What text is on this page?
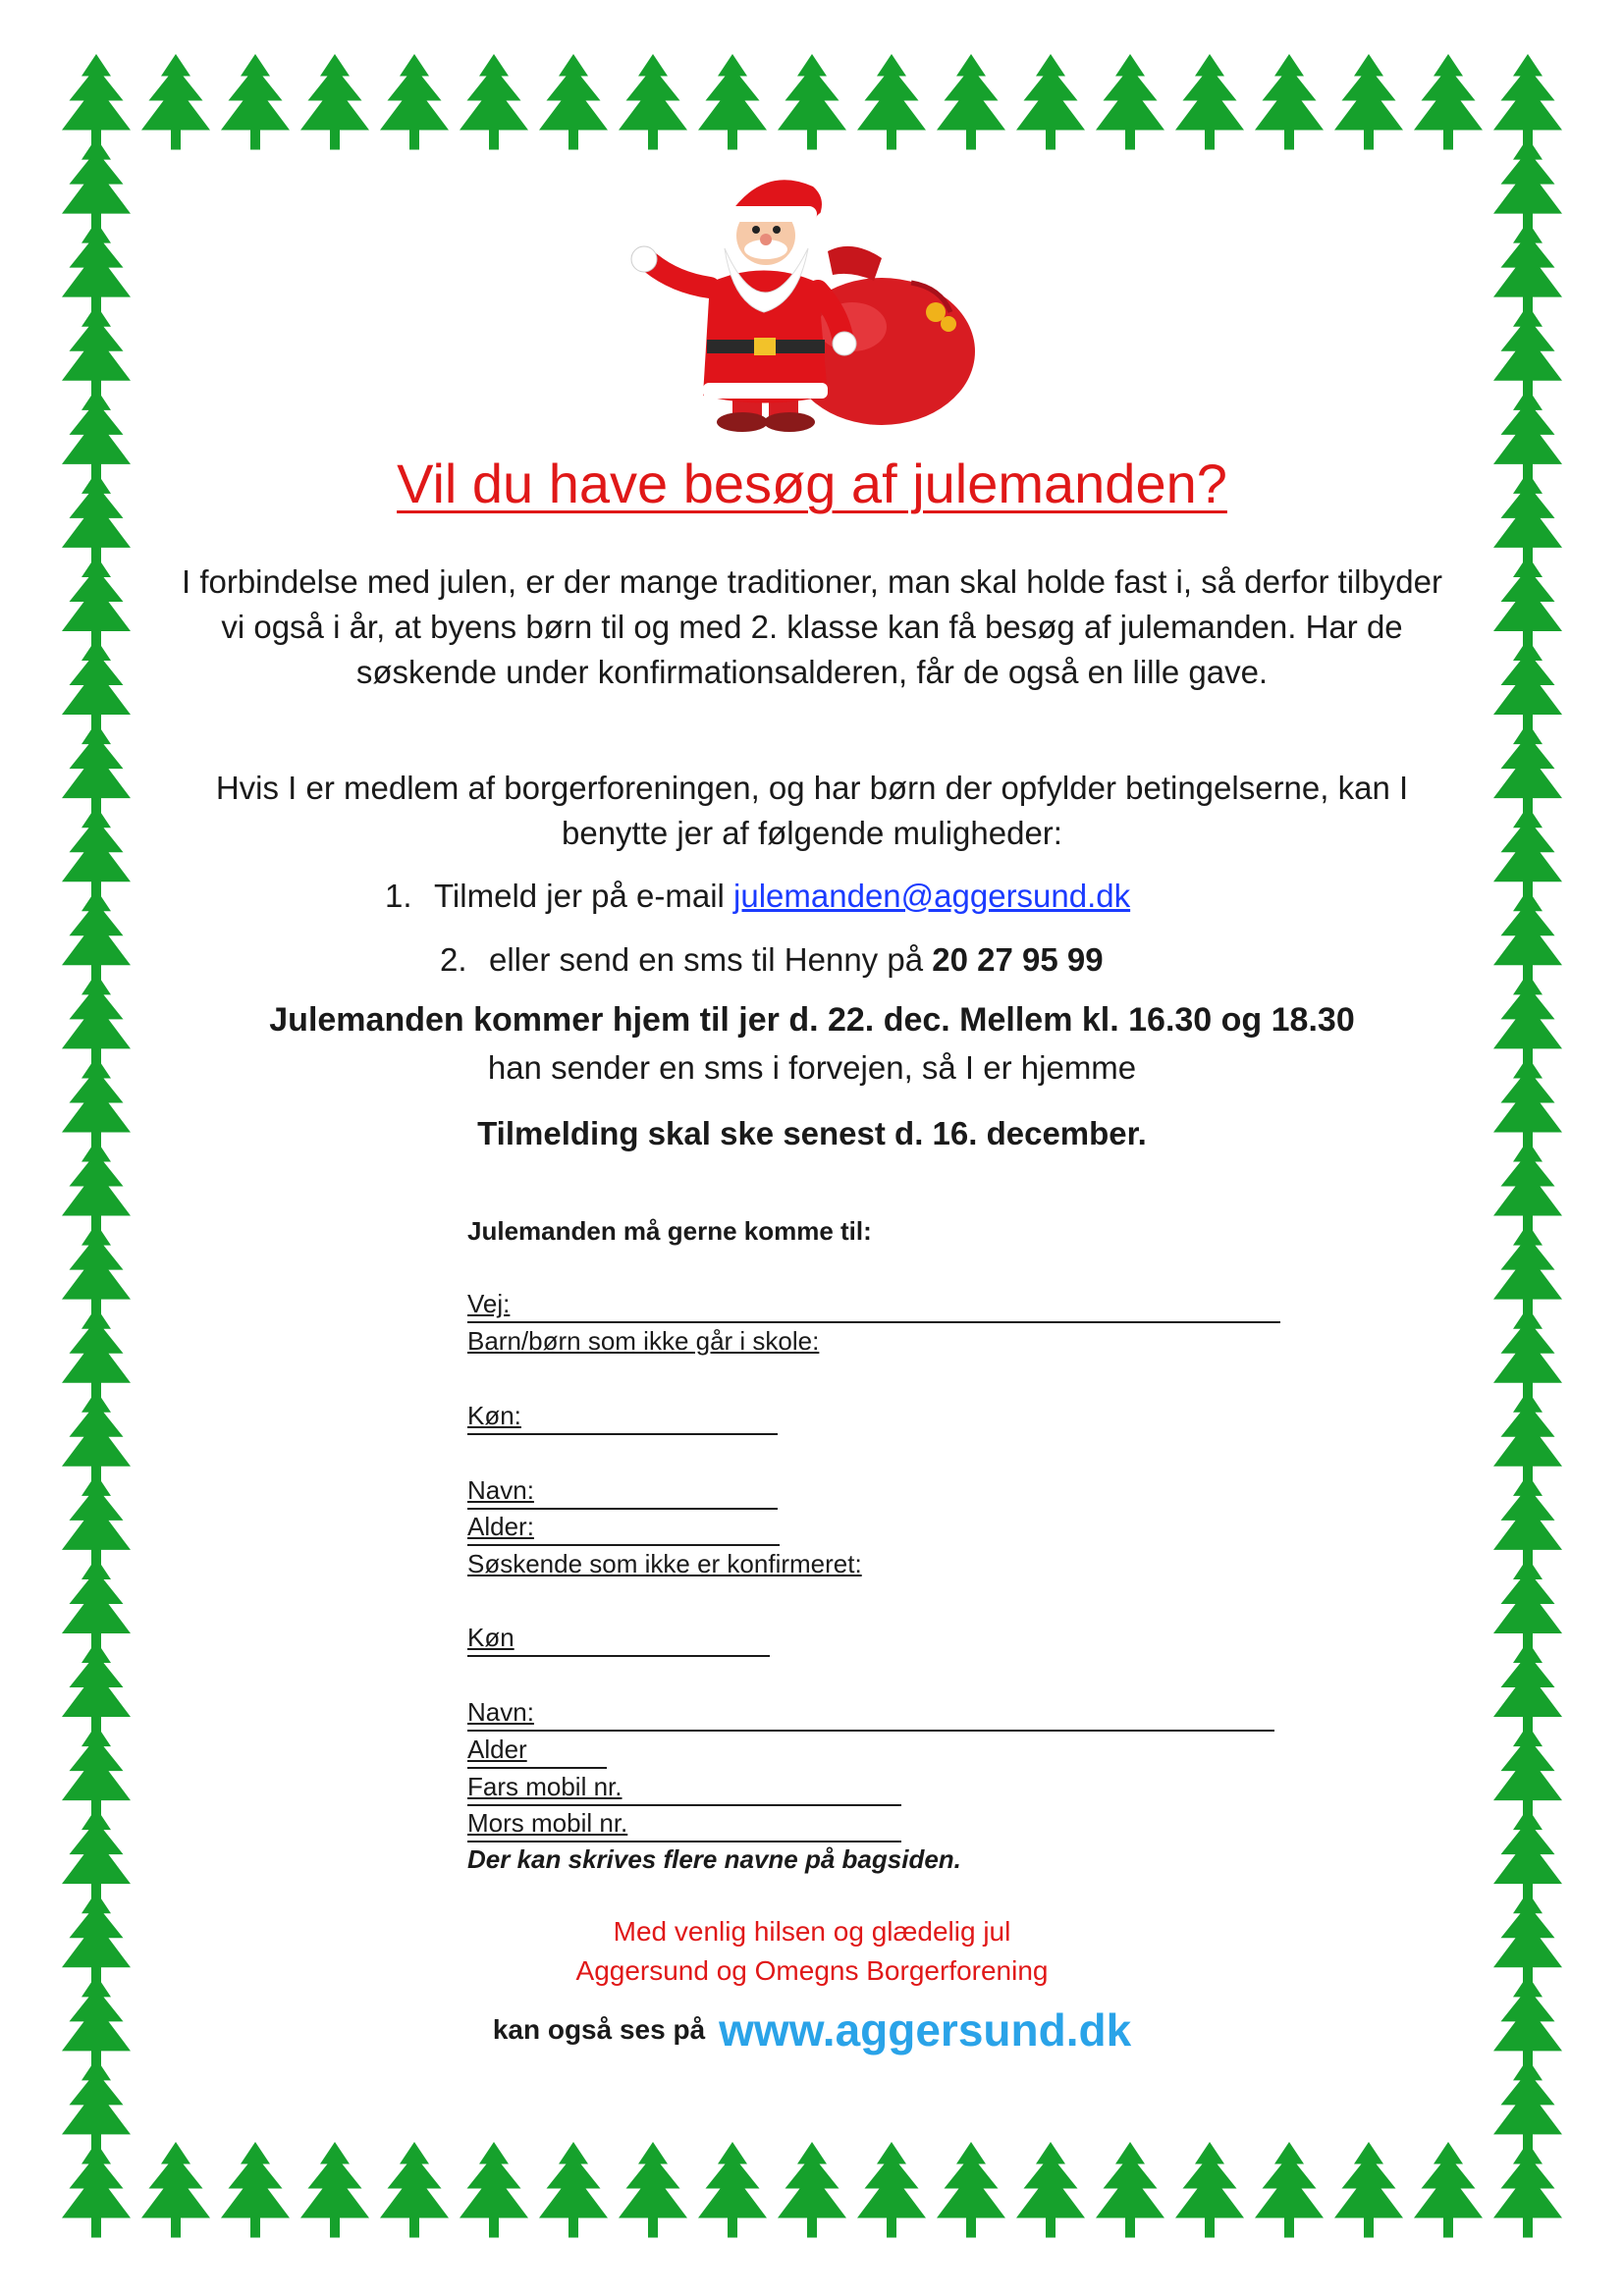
Vil du have besøg af julemanden?

I forbindelse med julen, er der mange traditioner, man skal holde fast i, så derfor tilbyder vi også i år, at byens børn til og med 2. klasse kan få besøg af julemanden. Har de søskende under konfirmationsalderen, får de også en lille gave.

Hvis I er medlem af borgerforeningen, og har børn der opfylder betingelserne, kan I benytte jer af følgende muligheder:

1. Tilmeld jer på e-mail julemanden@aggersund.dk
2. eller send en sms til Henny på 20 27 95 99
Julemanden kommer hjem til jer d. 22. dec. Mellem kl. 16.30 og 18.30
han sender en sms i forvejen, så I er hjemme
Tilmelding skal ske senest d. 16. december.
Julemanden må gerne komme til:
Vej:
Barn/børn som ikke går i skole:
Køn:
Navn:
Alder:
Søskende som ikke er konfirmeret:
Køn
Navn:
Alder
Fars mobil nr.
Mors mobil nr.
Der kan skrives flere navne på bagsiden.
Med venlig hilsen og glædelig jul
Aggersund og Omegns Borgerforening
kan også ses på www.aggersund.dk
